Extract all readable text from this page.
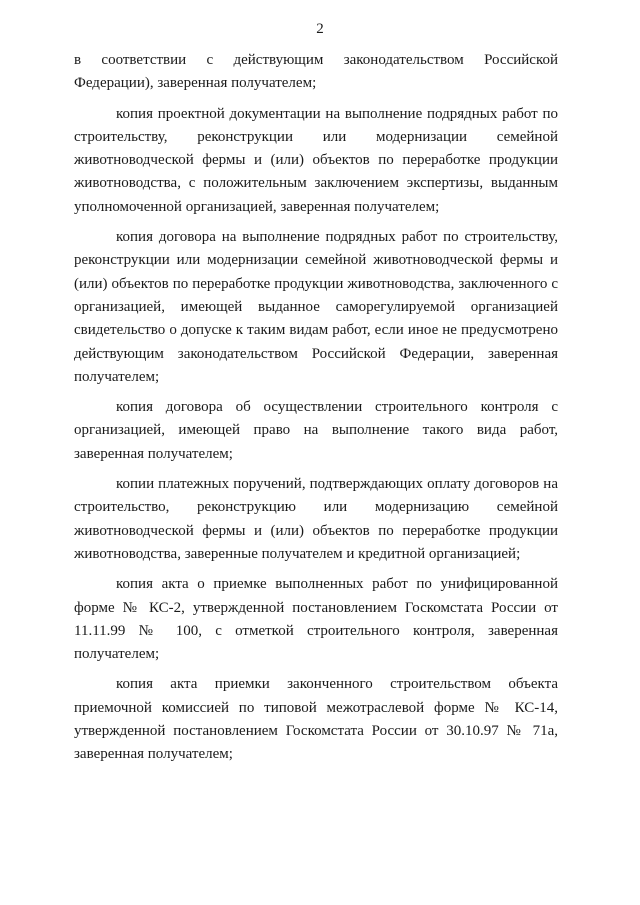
2

в соответствии с действующим законодательством Российской Федерации), заверенная получателем;

копия проектной документации на выполнение подрядных работ по строительству, реконструкции или модернизации семейной животноводческой фермы и (или) объектов по переработке продукции животноводства, с положительным заключением экспертизы, выданным уполномоченной организацией, заверенная получателем;

копия договора на выполнение подрядных работ по строительству, реконструкции или модернизации семейной животноводческой фермы и (или) объектов по переработке продукции животноводства, заключенного с организацией, имеющей выданное саморегулируемой организацией свидетельство о допуске к таким видам работ, если иное не предусмотрено действующим законодательством Российской Федерации, заверенная получателем;

копия договора об осуществлении строительного контроля с организацией, имеющей право на выполнение такого вида работ, заверенная получателем;

копии платежных поручений, подтверждающих оплату договоров на строительство, реконструкцию или модернизацию семейной животноводческой фермы и (или) объектов по переработке продукции животноводства, заверенные получателем и кредитной организацией;

копия акта о приемке выполненных работ по унифицированной форме № КС-2, утвержденной постановлением Госкомстата России от 11.11.99 № 100, с отметкой строительного контроля, заверенная получателем;

копия акта приемки законченного строительством объекта приемочной комиссией по типовой межотраслевой форме № КС-14, утвержденной постановлением Госкомстата России от 30.10.97 № 71а, заверенная получателем;
